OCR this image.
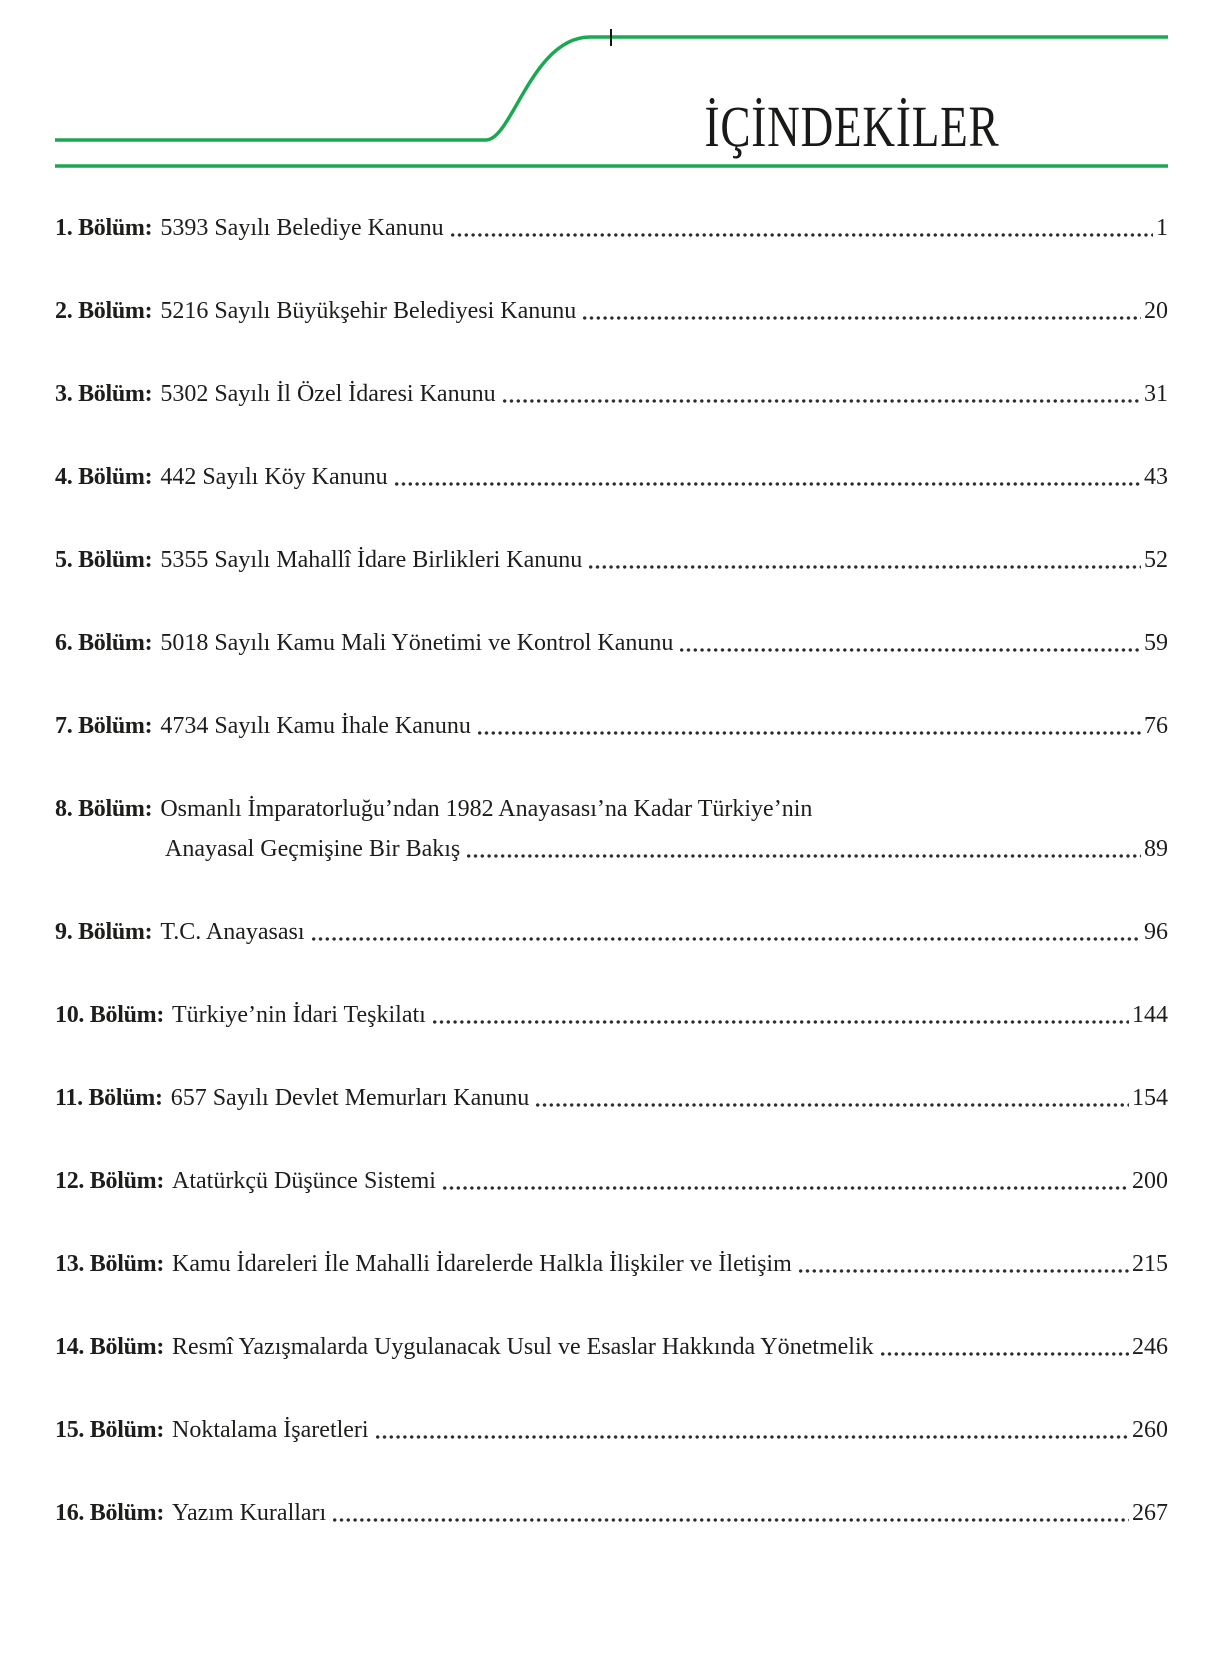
İÇİNDEKİLER
1. Bölüm: 5393 Sayılı Belediye Kanunu	1
2. Bölüm: 5216 Sayılı Büyükşehir Belediyesi Kanunu	20
3. Bölüm: 5302 Sayılı İl Özel İdaresi Kanunu	31
4. Bölüm: 442 Sayılı Köy Kanunu	43
5. Bölüm: 5355 Sayılı Mahallî İdare Birlikleri Kanunu	52
6. Bölüm: 5018 Sayılı Kamu Mali Yönetimi ve Kontrol Kanunu	59
7. Bölüm: 4734 Sayılı Kamu İhale Kanunu	76
8. Bölüm: Osmanlı İmparatorluğu’ndan 1982 Anayasası’na Kadar Türkiye’nin
Anayasal Geçmişine Bir Bakış	89
9. Bölüm: T.C. Anayasası	96
10. Bölüm: Türkiye’nin İdari Teşkilatı	144
11. Bölüm: 657 Sayılı Devlet Memurları Kanunu	154
12. Bölüm: Atatürkçü Düşünce Sistemi	200
13. Bölüm: Kamu İdareleri İle Mahalli İdarelerde Halkla İlişkiler ve İletişim	215
14. Bölüm: Resmî Yazışmalarda Uygulanacak Usul ve Esaslar Hakkında Yönetmelik	246
15. Bölüm: Noktalama İşaretleri	260
16. Bölüm: Yazım Kuralları	267
